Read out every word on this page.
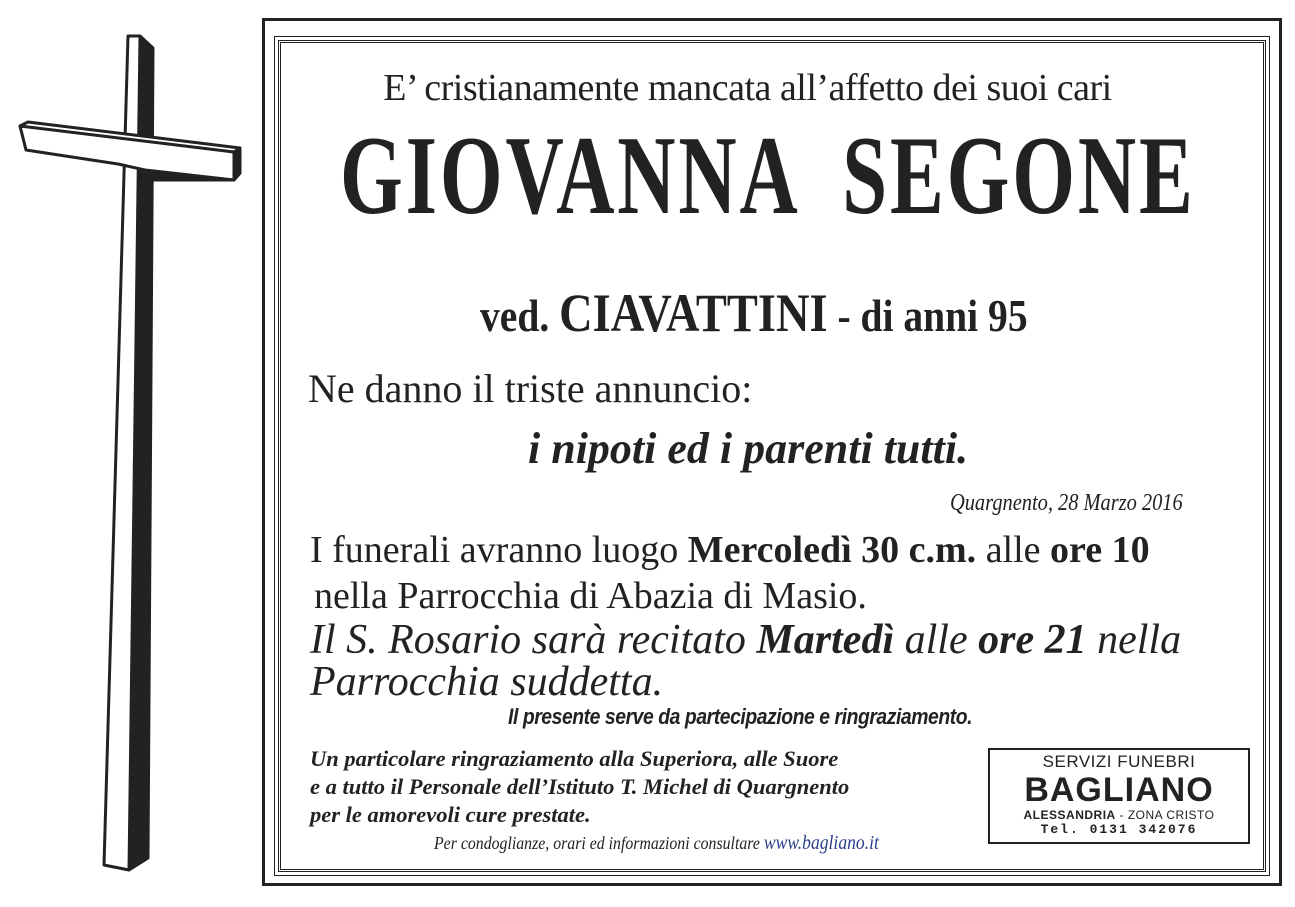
E’ cristianamente mancata all’affetto dei suoi cari
GIOVANNA  SEGONE
ved. CIAVATTINI - di anni 95
Ne danno il triste annuncio:
i nipoti ed i parenti tutti.
Quargnento, 28 Marzo 2016
I funerali avranno luogo Mercoledì 30 c.m. alle ore 10
nella Parrocchia di Abazia di Masio.
Il S. Rosario sarà recitato Martedì alle ore 21 nella
Parrocchia suddetta.
Il presente serve da partecipazione e ringraziamento.
Un particolare ringraziamento alla Superiora, alle Suore
e a tutto il Personale dell’Istituto T. Michel di Quargnento
per le amorevoli cure prestate.
Per condoglianze, orari ed informazioni consultare www.bagliano.it
SERVIZI FUNEBRI
BAGLIANO
ALESSANDRIA - ZONA CRISTO
Tel. 0131 342076
